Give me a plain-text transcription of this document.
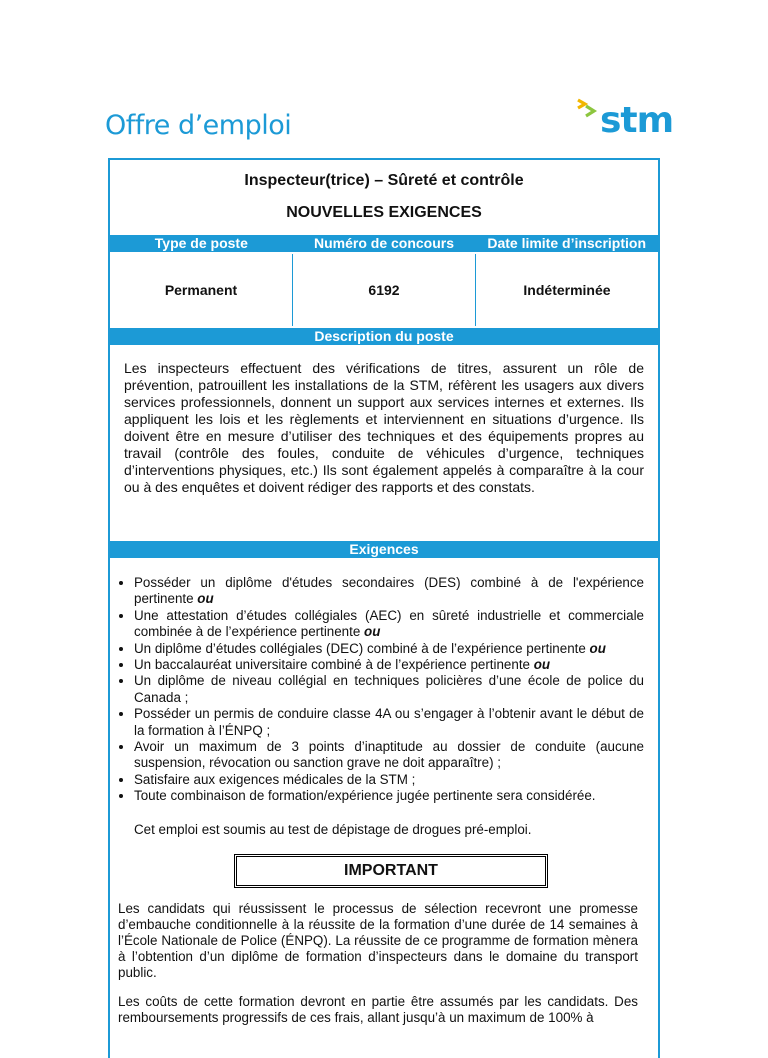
Offre d’emploi	stm
Inspecteur(trice) – Sûreté et contrôle
NOUVELLES EXIGENCES
Type de poste	Numéro de concours	Date limite d’inscription
Permanent	6192	Indéterminée
Description du poste
Les inspecteurs effectuent des vérifications de titres, assurent un rôle de prévention, patrouillent les installations de la STM, réfèrent les usagers aux divers services professionnels, donnent un support aux services internes et externes. Ils appliquent les lois et les règlements et interviennent en situations d’urgence. Ils doivent être en mesure d’utiliser des techniques et des équipements propres au travail (contrôle des foules, conduite de véhicules d’urgence, techniques d’interventions physiques, etc.) Ils sont également appelés à comparaître à la cour ou à des enquêtes et doivent rédiger des rapports et des constats.
Exigences
• Posséder un diplôme d'études secondaires (DES) combiné à de l'expérience pertinente ou
• Une attestation d’études collégiales (AEC) en sûreté industrielle et commerciale combinée à de l’expérience pertinente ou
• Un diplôme d’études collégiales (DEC) combiné à de l’expérience pertinente ou
• Un baccalauréat universitaire combiné à de l’expérience pertinente ou
• Un diplôme de niveau collégial en techniques policières d’une école de police du Canada ;
• Posséder un permis de conduire classe 4A ou s’engager à l’obtenir avant le début de la formation à l’ÉNPQ ;
• Avoir un maximum de 3 points d’inaptitude au dossier de conduite (aucune suspension, révocation ou sanction grave ne doit apparaître) ;
• Satisfaire aux exigences médicales de la STM ;
• Toute combinaison de formation/expérience jugée pertinente sera considérée.
Cet emploi est soumis au test de dépistage de drogues pré-emploi.
IMPORTANT
Les candidats qui réussissent le processus de sélection recevront une promesse d’embauche conditionnelle à la réussite de la formation d’une durée de 14 semaines à l’École Nationale de Police (ÉNPQ). La réussite de ce programme de formation mènera à l’obtention d’un diplôme de formation d’inspecteurs dans le domaine du transport public.
Les coûts de cette formation devront en partie être assumés par les candidats. Des remboursements progressifs de ces frais, allant jusqu’à un maximum de 100% à
